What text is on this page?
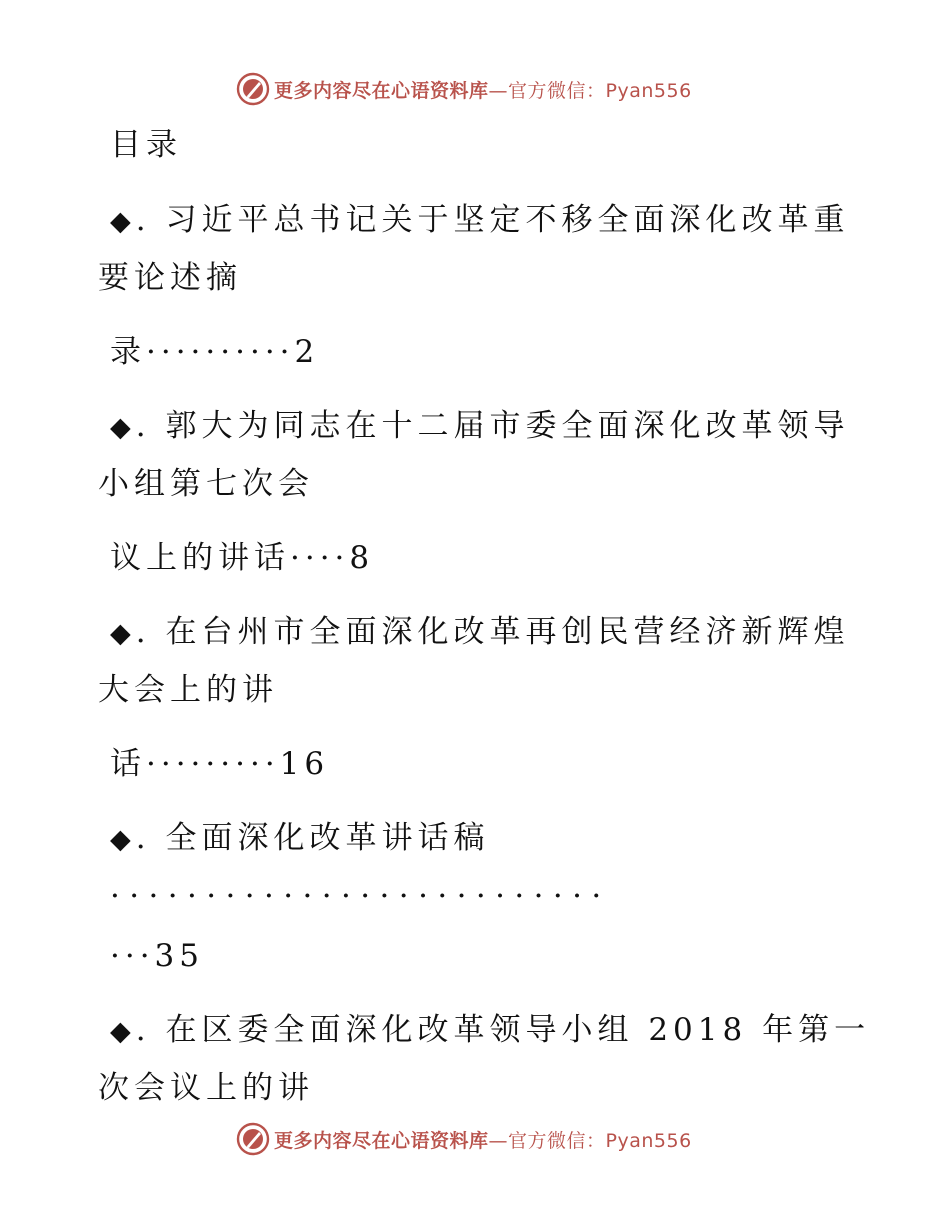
更多内容尽在心语资料库 —官方微信：Pyan556
目录
◆. 习近平总书记关于坚定不移全面深化改革重
要论述摘
录··········2
◆. 郭大为同志在十二届市委全面深化改革领导
小组第七次会
议上的讲话····8
◆. 在台州市全面深化改革再创民营经济新辉煌
大会上的讲
话·········16
◆. 全面深化改革讲话稿
··························
···35
◆. 在区委全面深化改革领导小组 2018 年第一
次会议上的讲
更多内容尽在心语资料库 —官方微信：Pyan556
